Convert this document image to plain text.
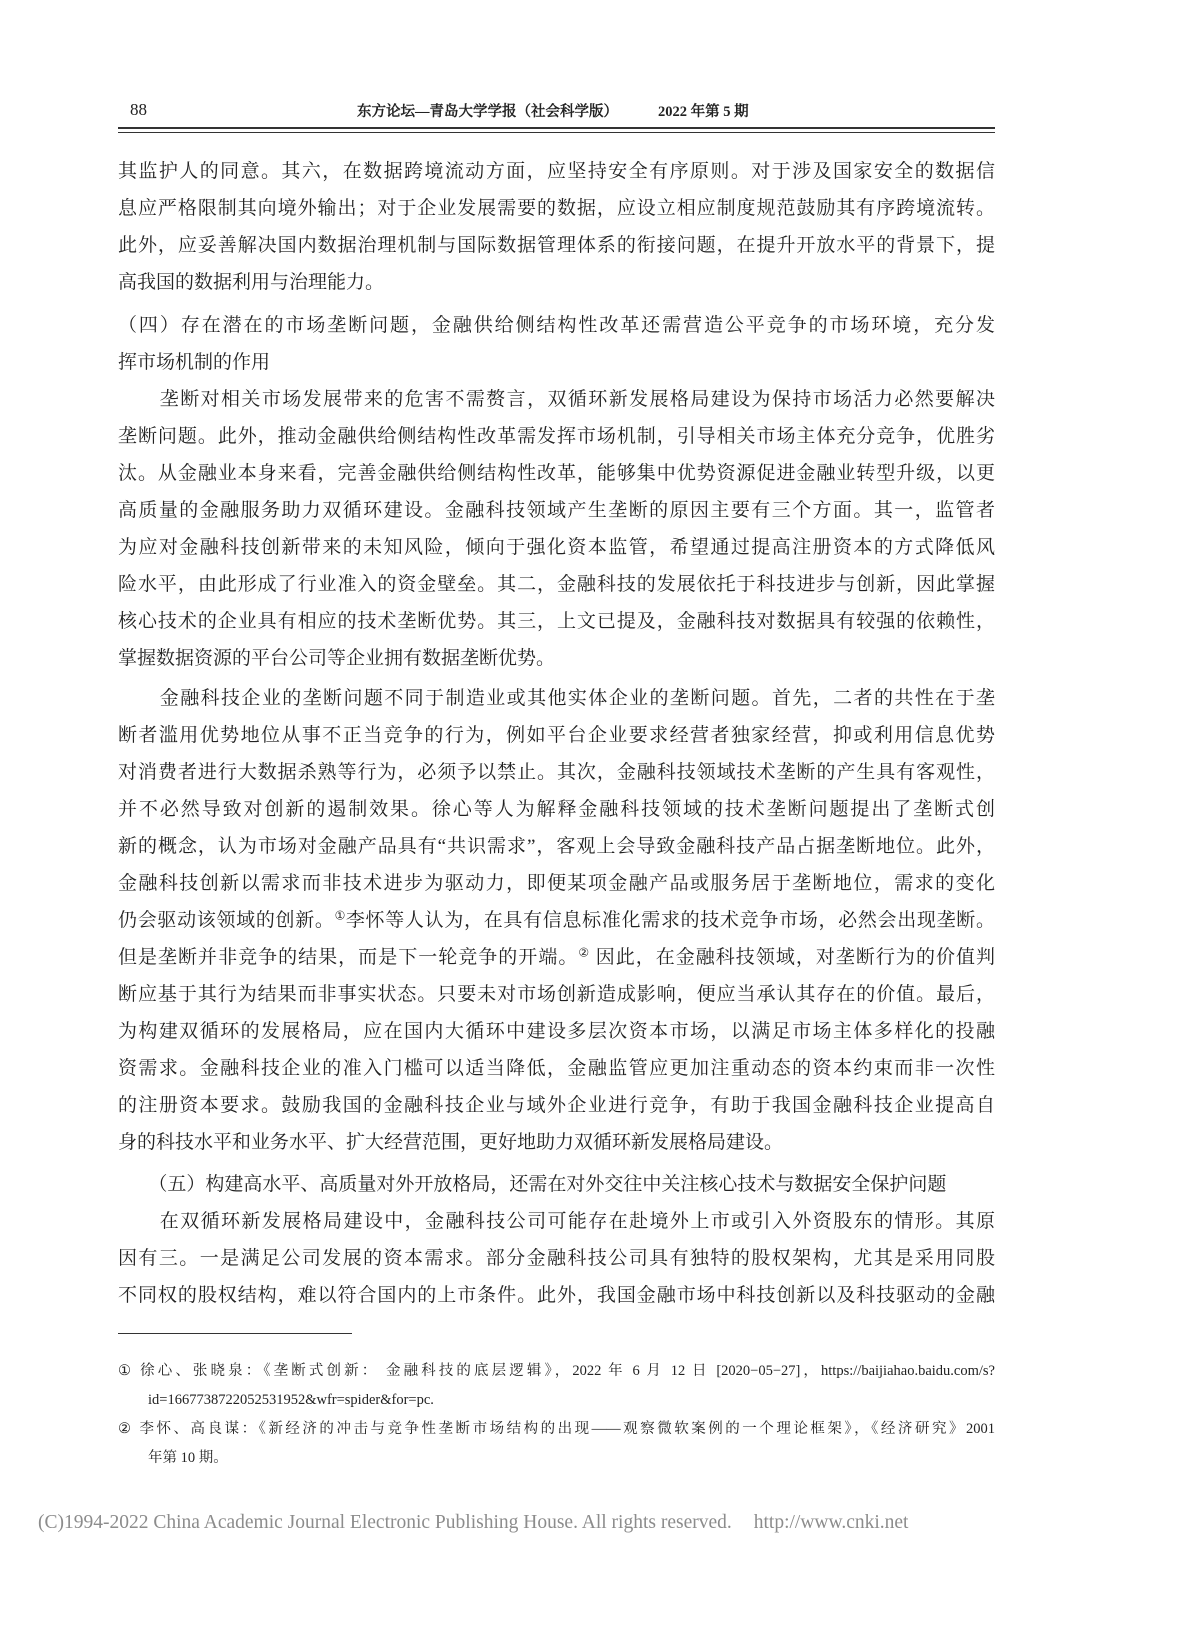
88	东方论坛—青岛大学学报（社会科学版）	2022 年第 5 期
其监护人的同意。其六，在数据跨境流动方面，应坚持安全有序原则。对于涉及国家安全的数据信
息应严格限制其向境外输出；对于企业发展需要的数据，应设立相应制度规范鼓励其有序跨境流转。
此外，应妥善解决国内数据治理机制与国际数据管理体系的衔接问题，在提升开放水平的背景下，提
高我国的数据利用与治理能力。
（四）存在潜在的市场垄断问题，金融供给侧结构性改革还需营造公平竞争的市场环境，充分发
挥市场机制的作用
垄断对相关市场发展带来的危害不需赘言，双循环新发展格局建设为保持市场活力必然要解决
垄断问题。此外，推动金融供给侧结构性改革需发挥市场机制，引导相关市场主体充分竞争，优胜劣
汰。从金融业本身来看，完善金融供给侧结构性改革，能够集中优势资源促进金融业转型升级，以更
高质量的金融服务助力双循环建设。金融科技领域产生垄断的原因主要有三个方面。其一，监管者
为应对金融科技创新带来的未知风险，倾向于强化资本监管，希望通过提高注册资本的方式降低风
险水平，由此形成了行业准入的资金壁垒。其二，金融科技的发展依托于科技进步与创新，因此掌握
核心技术的企业具有相应的技术垄断优势。其三，上文已提及，金融科技对数据具有较强的依赖性，
掌握数据资源的平台公司等企业拥有数据垄断优势。
金融科技企业的垄断问题不同于制造业或其他实体企业的垄断问题。首先，二者的共性在于垄
断者滥用优势地位从事不正当竞争的行为，例如平台企业要求经营者独家经营，抑或利用信息优势
对消费者进行大数据杀熟等行为，必须予以禁止。其次，金融科技领域技术垄断的产生具有客观性，
并不必然导致对创新的遏制效果。徐心等人为解释金融科技领域的技术垄断问题提出了垄断式创
新的概念，认为市场对金融产品具有“共识需求”，客观上会导致金融科技产品占据垄断地位。此外，
金融科技创新以需求而非技术进步为驱动力，即便某项金融产品或服务居于垄断地位，需求的变化
仍会驱动该领域的创新。①李怀等人认为，在具有信息标准化需求的技术竞争市场，必然会出现垄断。
但是垄断并非竞争的结果，而是下一轮竞争的开端。② 因此，在金融科技领域，对垄断行为的价值判
断应基于其行为结果而非事实状态。只要未对市场创新造成影响，便应当承认其存在的价值。最后，
为构建双循环的发展格局，应在国内大循环中建设多层次资本市场，以满足市场主体多样化的投融
资需求。金融科技企业的准入门槛可以适当降低，金融监管应更加注重动态的资本约束而非一次性
的注册资本要求。鼓励我国的金融科技企业与域外企业进行竞争，有助于我国金融科技企业提高自
身的科技水平和业务水平、扩大经营范围，更好地助力双循环新发展格局建设。
（五）构建高水平、高质量对外开放格局，还需在对外交往中关注核心技术与数据安全保护问题
在双循环新发展格局建设中，金融科技公司可能存在赴境外上市或引入外资股东的情形。其原
因有三。一是满足公司发展的资本需求。部分金融科技公司具有独特的股权架构，尤其是采用同股
不同权的股权结构，难以符合国内的上市条件。此外，我国金融市场中科技创新以及科技驱动的金融
① 徐心、张晓泉：《垄断式创新： 金融科技的底层逻辑》，2022 年 6 月 12 日 [2020−05−27]，https://baijiahao.baidu.com/s?
id=1667738722052531952&wfr=spider&for=pc.
② 李怀、高良谋：《新经济的冲击与竞争性垄断市场结构的出现——观察微软案例的一个理论框架》，《经济研究》2001
年第 10 期。
(C)1994-2022 China Academic Journal Electronic Publishing House. All rights reserved. http://www.cnki.net
